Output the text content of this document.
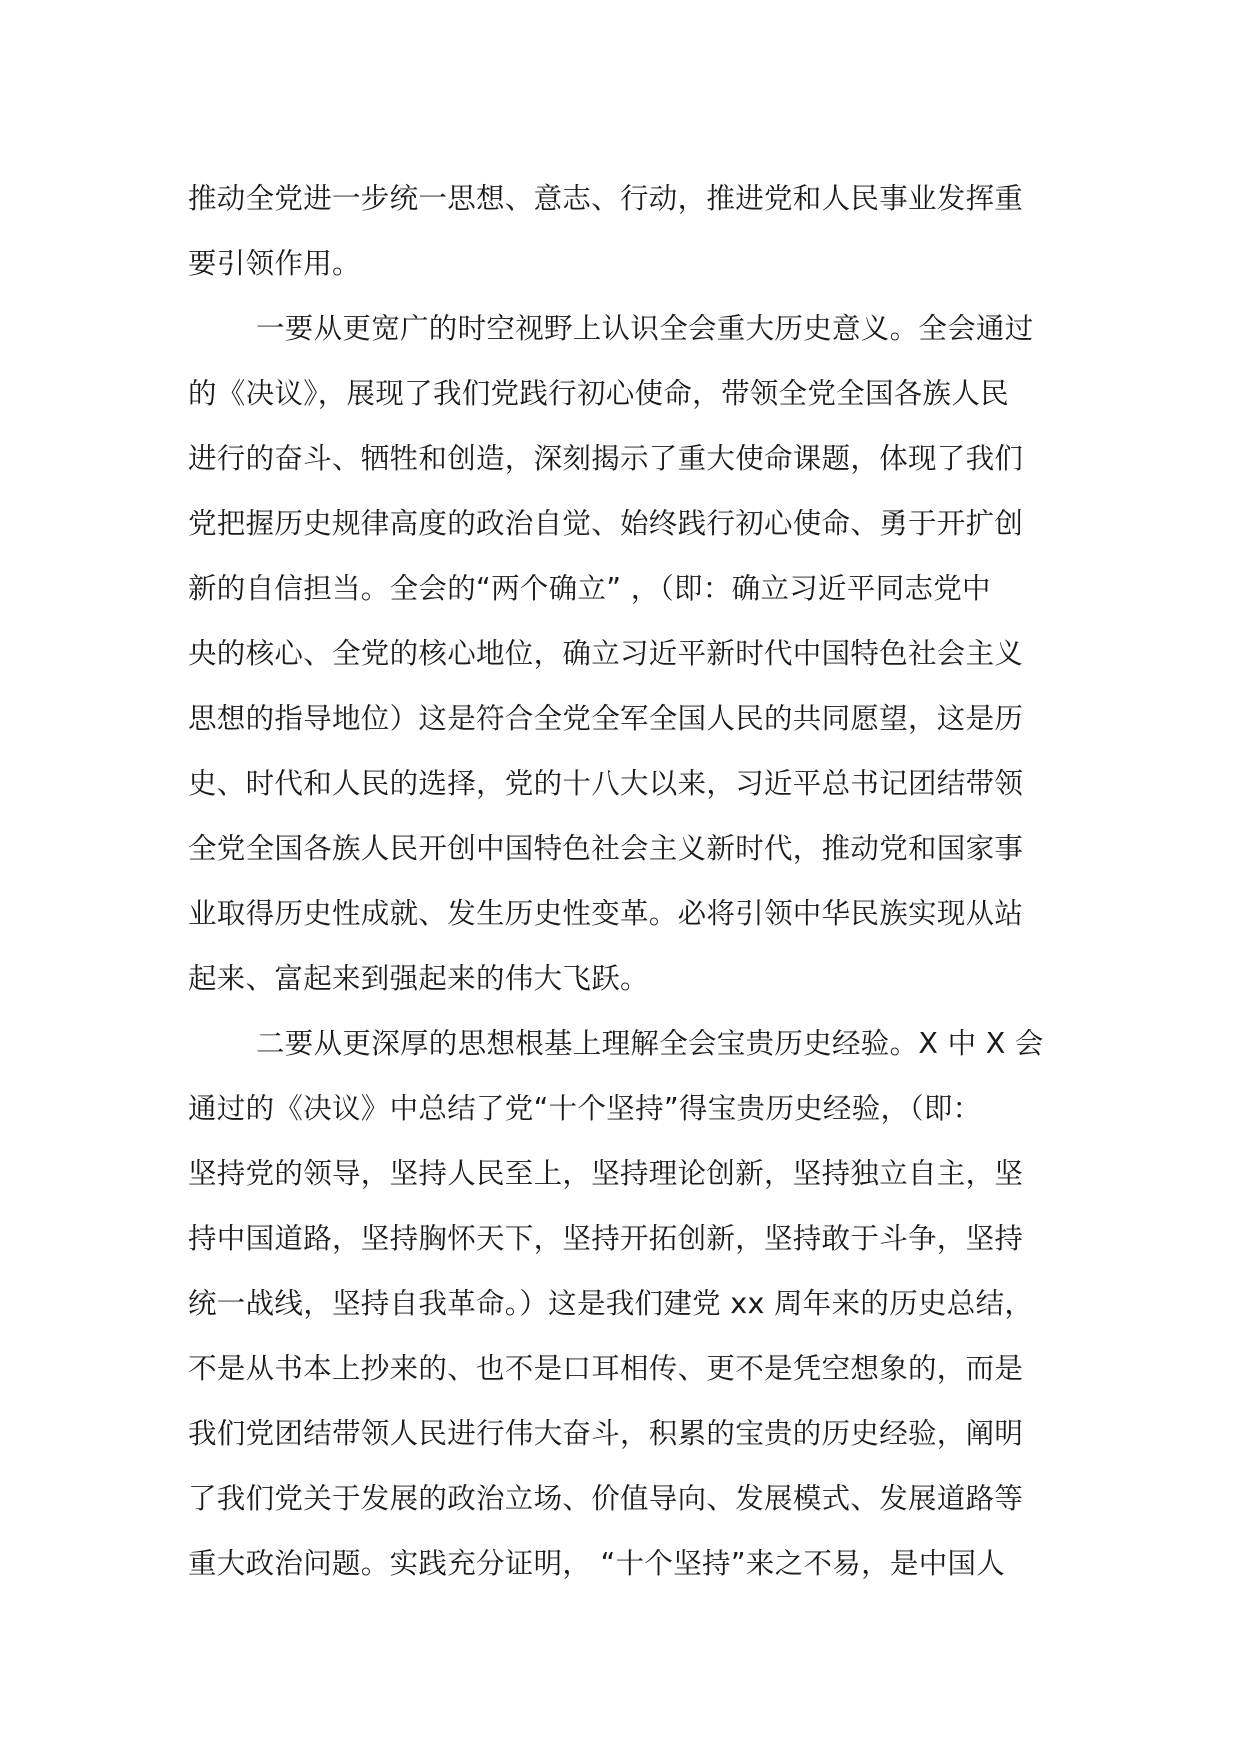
推动全党进一步统一思想、意志、行动，推进党和人民事业发挥重
要引领作用。
一要从更宽广的时空视野上认识全会重大历史意义。全会通过
的《决议》，展现了我们党践行初心使命，带领全党全国各族人民
进行的奋斗、牺牲和创造，深刻揭示了重大使命课题，体现了我们
党把握历史规律高度的政治自觉、始终践行初心使命、勇于开扩创
新的自信担当。全会的“两个确立” ，（即：确立习近平同志党中
央的核心、全党的核心地位，确立习近平新时代中国特色社会主义
思想的指导地位）这是符合全党全军全国人民的共同愿望，这是历
史、时代和人民的选择，党的十八大以来，习近平总书记团结带领
全党全国各族人民开创中国特色社会主义新时代，推动党和国家事
业取得历史性成就、发生历史性变革。必将引领中华民族实现从站
起来、富起来到强起来的伟大飞跃。
二要从更深厚的思想根基上理解全会宝贵历史经验。X 中 X 会
通过的《决议》中总结了党“十个坚持”得宝贵历史经验，（即：
坚持党的领导，坚持人民至上，坚持理论创新，坚持独立自主，坚
持中国道路，坚持胸怀天下，坚持开拓创新，坚持敢于斗争，坚持
统一战线，坚持自我革命。）这是我们建党 xx 周年来的历史总结，
不是从书本上抄来的、也不是口耳相传、更不是凭空想象的，而是
我们党团结带领人民进行伟大奋斗，积累的宝贵的历史经验，阐明
了我们党关于发展的政治立场、价值导向、发展模式、发展道路等
重大政治问题。实践充分证明， “十个坚持”来之不易，是中国人
